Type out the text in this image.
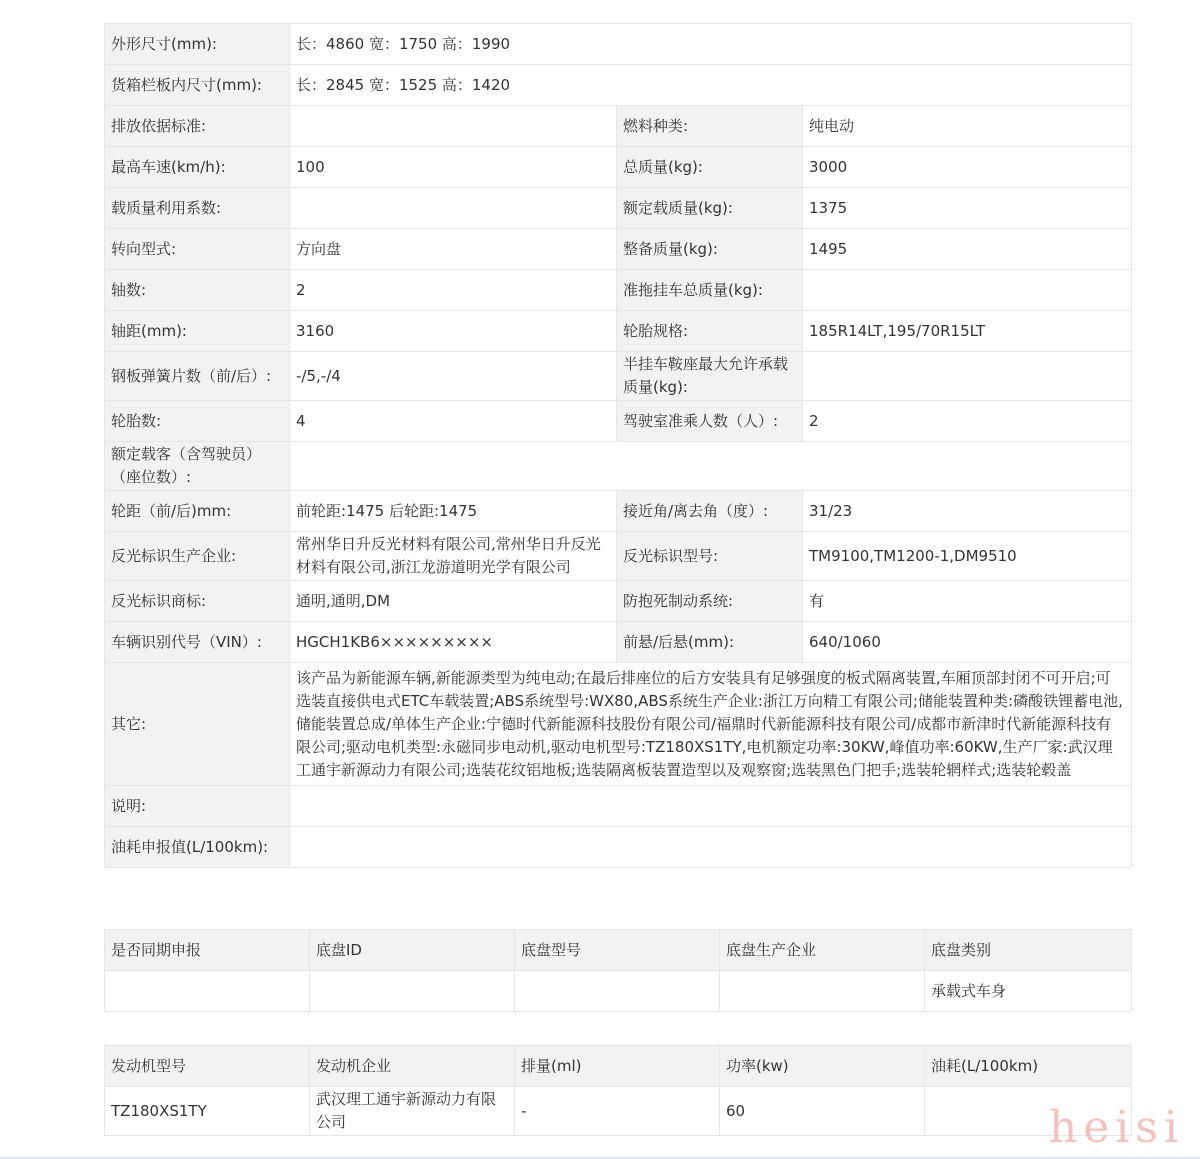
外形尺寸(mm):	长：4860 宽：1750 高：1990		
货箱栏板内尺寸(mm):	长：2845 宽：1525 高：1420		
排放依据标准:		燃料种类:	纯电动
最高车速(km/h):	100	总质量(kg):	3000
载质量利用系数:		额定载质量(kg):	1375
转向型式:	方向盘	整备质量(kg):	1495
轴数:	2	准拖挂车总质量(kg):	
轴距(mm):	3160	轮胎规格:	185R14LT,195/70R15LT
钢板弹簧片数（前/后）:	-/5,-/4	半挂车鞍座最大允许承载质量(kg):	
轮胎数:	4	驾驶室准乘人数（人）:	2
额定载客（含驾驶员）（座位数）:			
轮距（前/后)mm:	前轮距:1475 后轮距:1475	接近角/离去角（度）:	31/23
反光标识生产企业:	常州华日升反光材料有限公司,常州华日升反光材料有限公司,浙江龙游道明光学有限公司	反光标识型号:	TM9100,TM1200-1,DM9510
反光标识商标:	通明,通明,DM	防抱死制动系统:	有
车辆识别代号（VIN）:	HGCH1KB6×××××××××	前悬/后悬(mm):	640/1060
其它:	该产品为新能源车辆,新能源类型为纯电动;在最后排座位的后方安装具有足够强度的板式隔离装置,车厢顶部封闭不可开启;可选装直接供电式ETC车载装置;ABS系统型号:WX80,ABS系统生产企业:浙江万向精工有限公司;储能装置种类:磷酸铁锂蓄电池,储能装置总成/单体生产企业:宁德时代新能源科技股份有限公司/福鼎时代新能源科技有限公司/成都市新津时代新能源科技有限公司;驱动电机类型:永磁同步电动机,驱动电机型号:TZ180XS1TY,电机额定功率:30KW,峰值功率:60KW,生产厂家:武汉理工通宇新源动力有限公司;选装花纹铝地板;选装隔离板装置造型以及观察窗;选装黑色门把手;选装轮辋样式;选装轮毂盖		
说明:			
油耗申报值(L/100km):			
是否同期申报	底盘ID	底盘型号	底盘生产企业	底盘类别
				承载式车身
发动机型号	发动机企业	排量(ml)	功率(kw)	油耗(L/100km)
TZ180XS1TY	武汉理工通宇新源动力有限公司	-	60		heisi
